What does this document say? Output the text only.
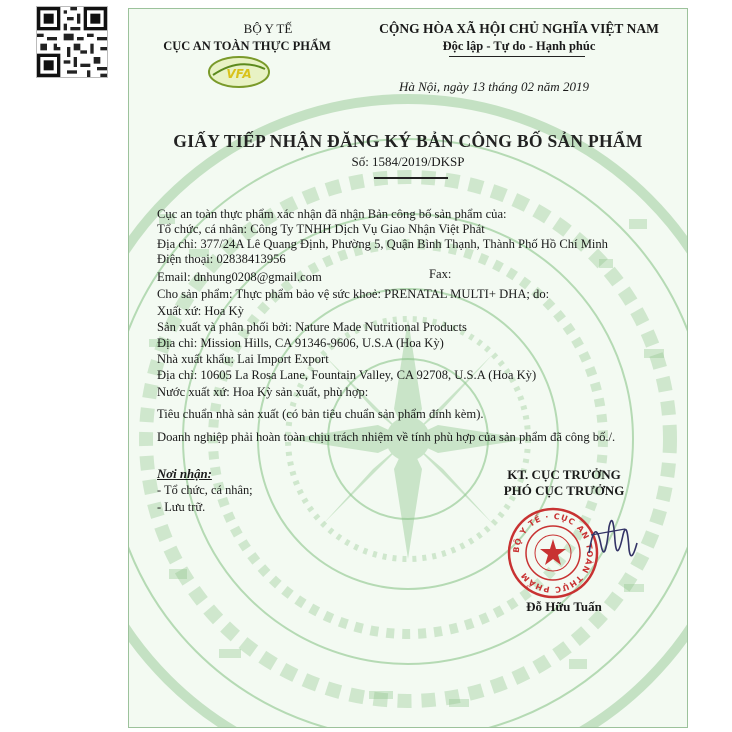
BỘ Y TẾ
CỤC AN TOÀN THỰC PHẨM
CỘNG HÒA XÃ HỘI CHỦ NGHĨA VIỆT NAM
Độc lập - Tự do - Hạnh phúc
VFA
Hà Nội, ngày 13 tháng 02 năm 2019
GIẤY TIẾP NHẬN ĐĂNG KÝ BẢN CÔNG BỐ SẢN PHẨM
Số: 1584/2019/DKSP
Cục an toàn thực phẩm xác nhận đã nhận Bản công bố sản phẩm của:
Tổ chức, cá nhân: Công Ty TNHH Dịch Vụ Giao Nhận Việt Phát
Địa chỉ: 377/24A Lê Quang Định, Phường 5, Quận Bình Thạnh, Thành Phố Hồ Chí Minh
Điện thoại: 02838413956
Fax:
Email: dnhung0208@gmail.com
Cho sản phẩm: Thực phẩm bảo vệ sức khoẻ: PRENATAL MULTI+ DHA; do:
Xuất xứ: Hoa Kỳ
Sản xuất và phân phối bởi: Nature Made Nutritional Products
Địa chỉ: Mission Hills, CA 91346-9606, U.S.A (Hoa Kỳ)
Nhà xuất khẩu: Lai Import Export
Địa chỉ: 10605 La Rosa Lane, Fountain Valley, CA 92708, U.S.A (Hoa Kỳ)
Nước xuất xứ: Hoa Kỳ sản xuất, phù hợp:
Tiêu chuẩn nhà sản xuất (có bản tiêu chuẩn sản phẩm đính kèm).
Doanh nghiệp phải hoàn toàn chịu trách nhiệm về tính phù hợp của sản phẩm đã công bố./.
Nơi nhận:
- Tổ chức, cá nhân;
- Lưu trữ.
KT. CỤC TRƯỞNG
PHÓ CỤC TRƯỞNG
BỘ Y TẾ · CỤC AN TOÀN THỰC PHẨM
Đỗ Hữu Tuấn
